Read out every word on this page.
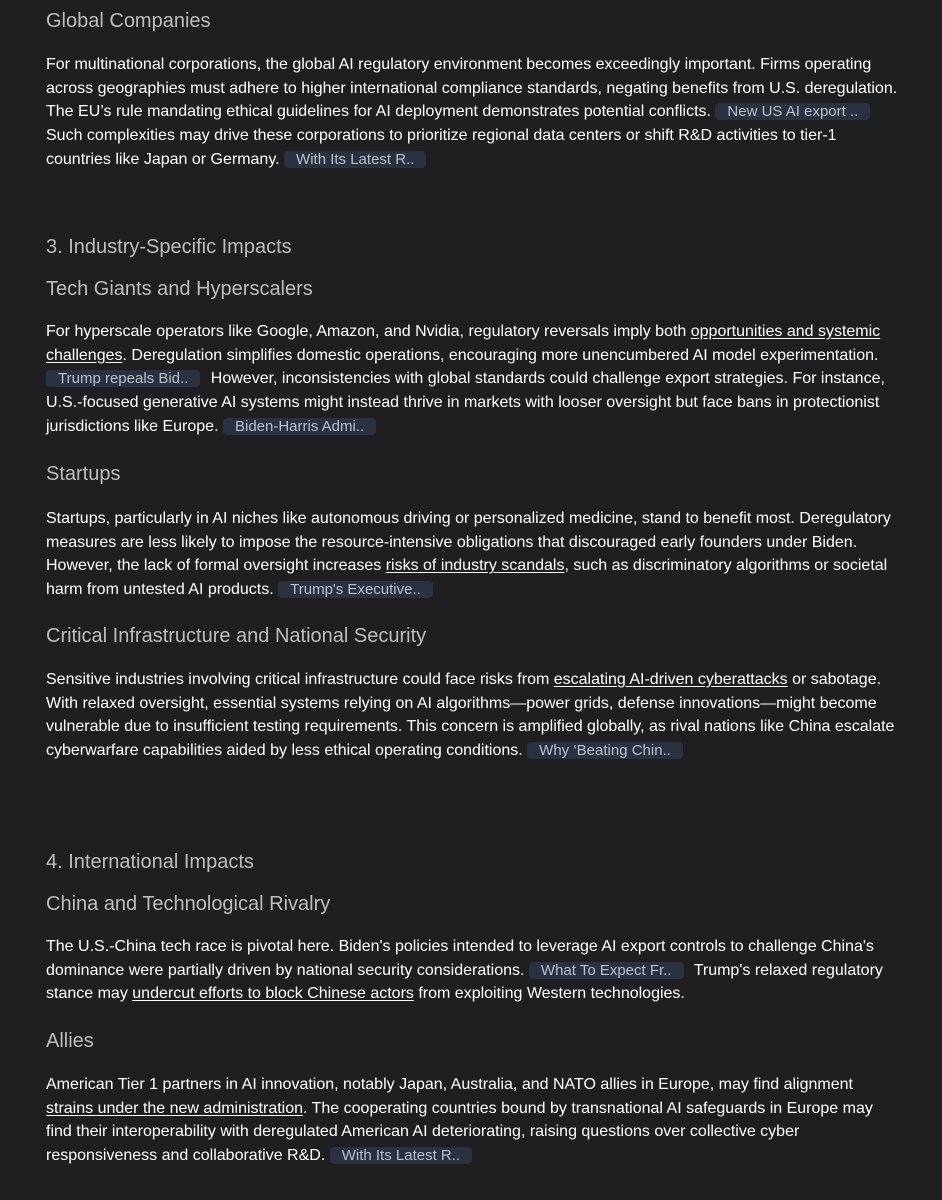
Global Companies

For multinational corporations, the global AI regulatory environment becomes exceedingly important. Firms operating across geographies must adhere to higher international compliance standards, negating benefits from U.S. deregulation. The EU’s rule mandating ethical guidelines for AI deployment demonstrates potential conflicts. New US AI export .. Such complexities may drive these corporations to prioritize regional data centers or shift R&D activities to tier-1 countries like Japan or Germany. With Its Latest R..

3. Industry-Specific Impacts
Tech Giants and Hyperscalers

For hyperscale operators like Google, Amazon, and Nvidia, regulatory reversals imply both opportunities and systemic challenges. Deregulation simplifies domestic operations, encouraging more unencumbered AI model experimentation. Trump repeals Bid.. However, inconsistencies with global standards could challenge export strategies. For instance, U.S.-focused generative AI systems might instead thrive in markets with looser oversight but face bans in protectionist jurisdictions like Europe. Biden-Harris Admi..

Startups

Startups, particularly in AI niches like autonomous driving or personalized medicine, stand to benefit most. Deregulatory measures are less likely to impose the resource-intensive obligations that discouraged early founders under Biden. However, the lack of formal oversight increases risks of industry scandals, such as discriminatory algorithms or societal harm from untested AI products. Trump's Executive..

Critical Infrastructure and National Security

Sensitive industries involving critical infrastructure could face risks from escalating AI-driven cyberattacks or sabotage. With relaxed oversight, essential systems relying on AI algorithms—power grids, defense innovations—might become vulnerable due to insufficient testing requirements. This concern is amplified globally, as rival nations like China escalate cyberwarfare capabilities aided by less ethical operating conditions. Why ‘Beating Chin..

4. International Impacts
China and Technological Rivalry

The U.S.-China tech race is pivotal here. Biden's policies intended to leverage AI export controls to challenge China's dominance were partially driven by national security considerations. What To Expect Fr.. Trump's relaxed regulatory stance may undercut efforts to block Chinese actors from exploiting Western technologies.

Allies

American Tier 1 partners in AI innovation, notably Japan, Australia, and NATO allies in Europe, may find alignment strains under the new administration. The cooperating countries bound by transnational AI safeguards in Europe may find their interoperability with deregulated American AI deteriorating, raising questions over collective cyber responsiveness and collaborative R&D. With Its Latest R..
